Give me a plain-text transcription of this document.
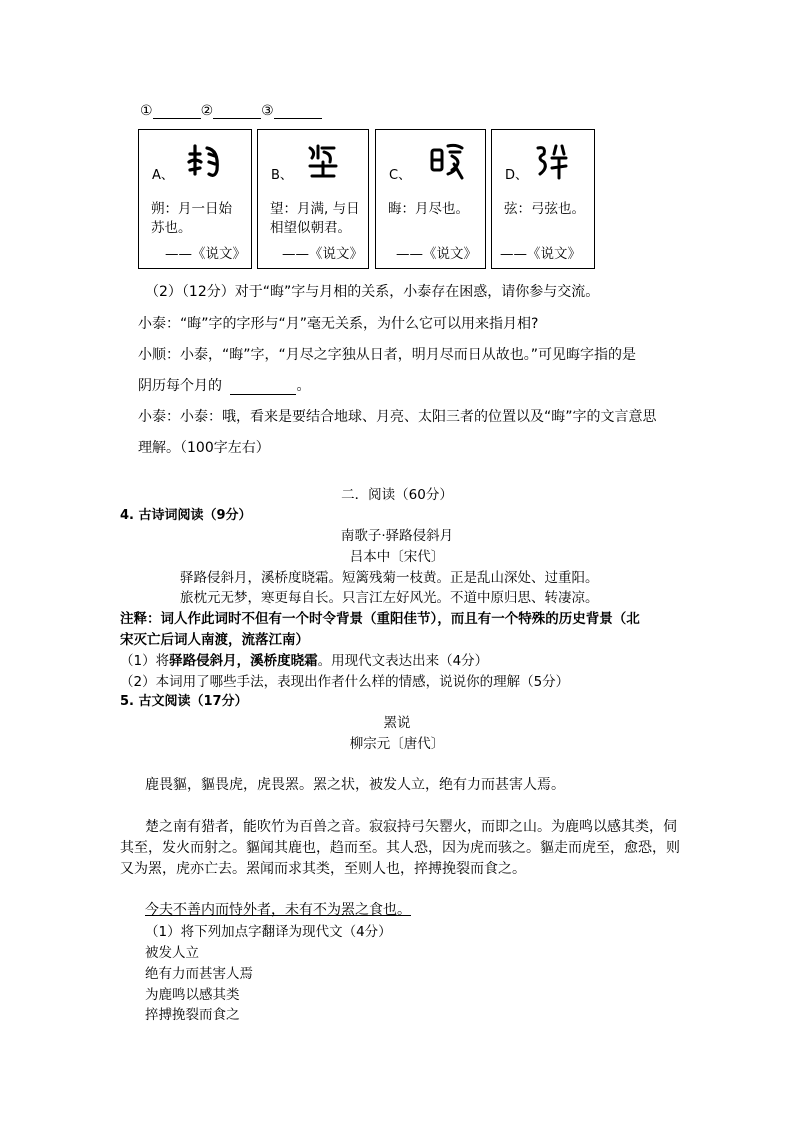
①	②	③
A、
朔：月一日始
苏也。
——《说文》
B、
望：月满, 与日
相望似朝君。
——《说文》
C、
晦：月尽也。
——《说文》
D、
弦：弓弦也。
——《说文》
（2）（12分）对于“晦”字与月相的关系，小泰存在困惑，请你参与交流。
小泰：“晦”字的字形与“月”毫无关系，为什么它可以用来指月相?
小顺：小泰，“晦”字，“月尽之字独从日者，明月尽而日从故也。”可见晦字指的是
阴历每个月的	。
小泰：小泰：哦，看来是要结合地球、月亮、太阳三者的位置以及“晦”字的文言意思
理解。（100字左右）
二．阅读（60分）
4. 古诗词阅读（9分）
南歌子·驿路侵斜月
吕本中〔宋代〕
驿路侵斜月，溪桥度晓霜。短篱残菊一枝黄。正是乱山深处、过重阳。
旅枕元无梦，寒更每自长。只言江左好风光。不道中原归思、转凄凉。
注释：词人作此词时不但有一个时令背景（重阳佳节），而且有一个特殊的历史背景（北
宋灭亡后词人南渡，流落江南）
（1）将驿路侵斜月，溪桥度晓霜。用现代文表达出来（4分）
（2）本词用了哪些手法，表现出作者什么样的情感，说说你的理解（5分）
5. 古文阅读（17分）
罴说
柳宗元〔唐代〕
鹿畏貙，貙畏虎，虎畏罴。罴之状，被发人立，绝有力而甚害人焉。
楚之南有猎者，能吹竹为百兽之音。寂寂持弓矢罂火，而即之山。为鹿鸣以感其类，伺
其至，发火而射之。貙闻其鹿也，趋而至。其人恐，因为虎而骇之。貙走而虎至，愈恐，则
又为罴，虎亦亡去。罴闻而求其类，至则人也，捽搏挽裂而食之。
今夫不善内而恃外者，未有不为罴之食也。
（1）将下列加点字翻译为现代文（4分）
被发人立
绝有力而甚害人焉
为鹿鸣以感其类
捽搏挽裂而食之
